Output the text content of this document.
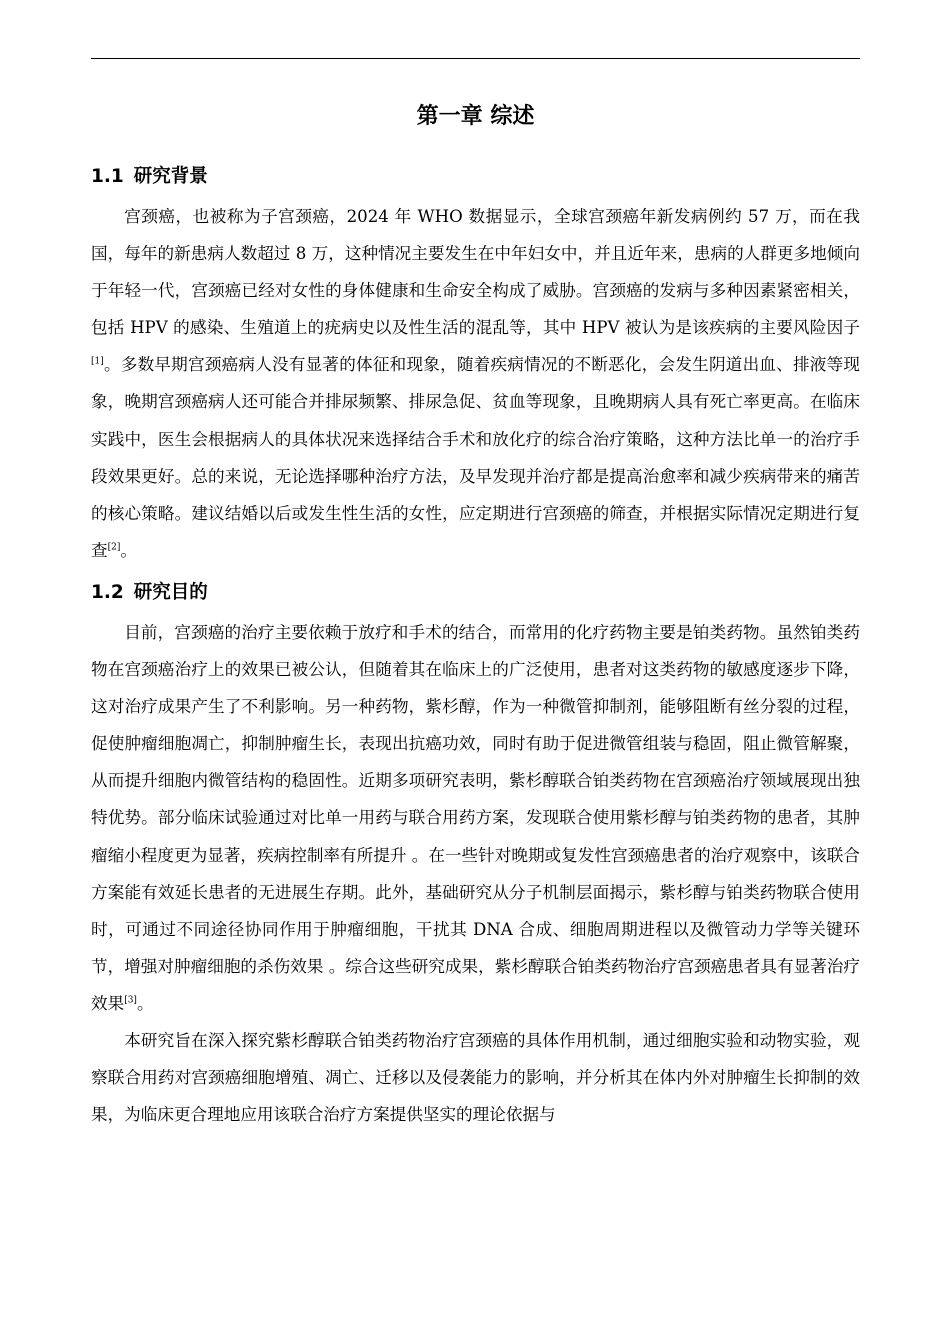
第一章 综述
1.1 研究背景

宫颈癌，也被称为子宫颈癌，2024 年 WHO 数据显示，全球宫颈癌年新发病例约 57 万，而在我国，每年的新患病人数超过 8 万，这种情况主要发生在中年妇女中，并且近年来，患病的人群更多地倾向于年轻一代，宫颈癌已经对女性的身体健康和生命安全构成了威胁。宫颈癌的发病与多种因素紧密相关，包括 HPV 的感染、生殖道上的疣病史以及性生活的混乱等，其中 HPV 被认为是该疾病的主要风险因子[1]。多数早期宫颈癌病人没有显著的体征和现象，随着疾病情况的不断恶化，会发生阴道出血、排液等现象，晚期宫颈癌病人还可能合并排尿频繁、排尿急促、贫血等现象，且晚期病人具有死亡率更高。在临床实践中，医生会根据病人的具体状况来选择结合手术和放化疗的综合治疗策略，这种方法比单一的治疗手段效果更好。总的来说，无论选择哪种治疗方法，及早发现并治疗都是提高治愈率和减少疾病带来的痛苦的核心策略。建议结婚以后或发生性生活的女性，应定期进行宫颈癌的筛查，并根据实际情况定期进行复查[2]。

1.2 研究目的

目前，宫颈癌的治疗主要依赖于放疗和手术的结合，而常用的化疗药物主要是铂类药物。虽然铂类药物在宫颈癌治疗上的效果已被公认，但随着其在临床上的广泛使用，患者对这类药物的敏感度逐步下降，这对治疗成果产生了不利影响。另一种药物，紫杉醇，作为一种微管抑制剂，能够阻断有丝分裂的过程，促使肿瘤细胞凋亡，抑制肿瘤生长，表现出抗癌功效，同时有助于促进微管组装与稳固，阻止微管解聚，从而提升细胞内微管结构的稳固性。近期多项研究表明，紫杉醇联合铂类药物在宫颈癌治疗领域展现出独特优势。部分临床试验通过对比单一用药与联合用药方案，发现联合使用紫杉醇与铂类药物的患者，其肿瘤缩小程度更为显著，疾病控制率有所提升 。在一些针对晚期或复发性宫颈癌患者的治疗观察中，该联合方案能有效延长患者的无进展生存期。此外，基础研究从分子机制层面揭示，紫杉醇与铂类药物联合使用时，可通过不同途径协同作用于肿瘤细胞，干扰其 DNA 合成、细胞周期进程以及微管动力学等关键环节，增强对肿瘤细胞的杀伤效果 。综合这些研究成果，紫杉醇联合铂类药物治疗宫颈癌患者具有显著治疗效果[3]。

本研究旨在深入探究紫杉醇联合铂类药物治疗宫颈癌的具体作用机制，通过细胞实验和动物实验，观察联合用药对宫颈癌细胞增殖、凋亡、迁移以及侵袭能力的影响，并分析其在体内外对肿瘤生长抑制的效果，为临床更合理地应用该联合治疗方案提供坚实的理论依据与
